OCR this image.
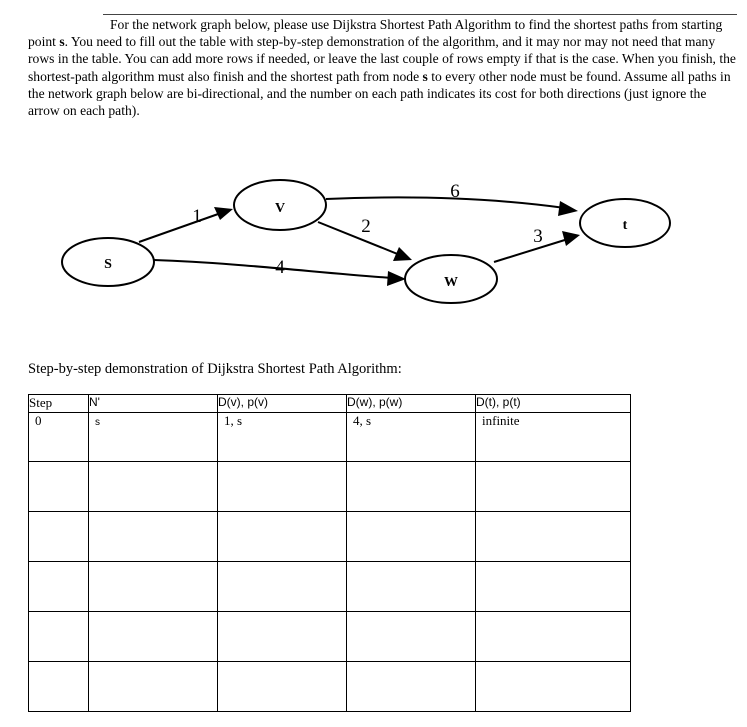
For the network graph below, please use Dijkstra Shortest Path Algorithm to find the shortest paths from starting point s. You need to fill out the table with step-by-step demonstration of the algorithm, and it may nor may not need that many rows in the table. You can add more rows if needed, or leave the last couple of rows empty if that is the case. When you finish, the shortest-path algorithm must also finish and the shortest path from node s to every other node must be found. Assume all paths in the network graph below are bi-directional, and the number on each path indicates its cost for both directions (just ignore the arrow on each path).

S
V
W
t
1
4
2
6
3

Step-by-step demonstration of Dijkstra Shortest Path Algorithm:

Step	N'	D(v), p(v)	D(w), p(w)	D(t), p(t)

0	s	1, s	4, s	infinite
